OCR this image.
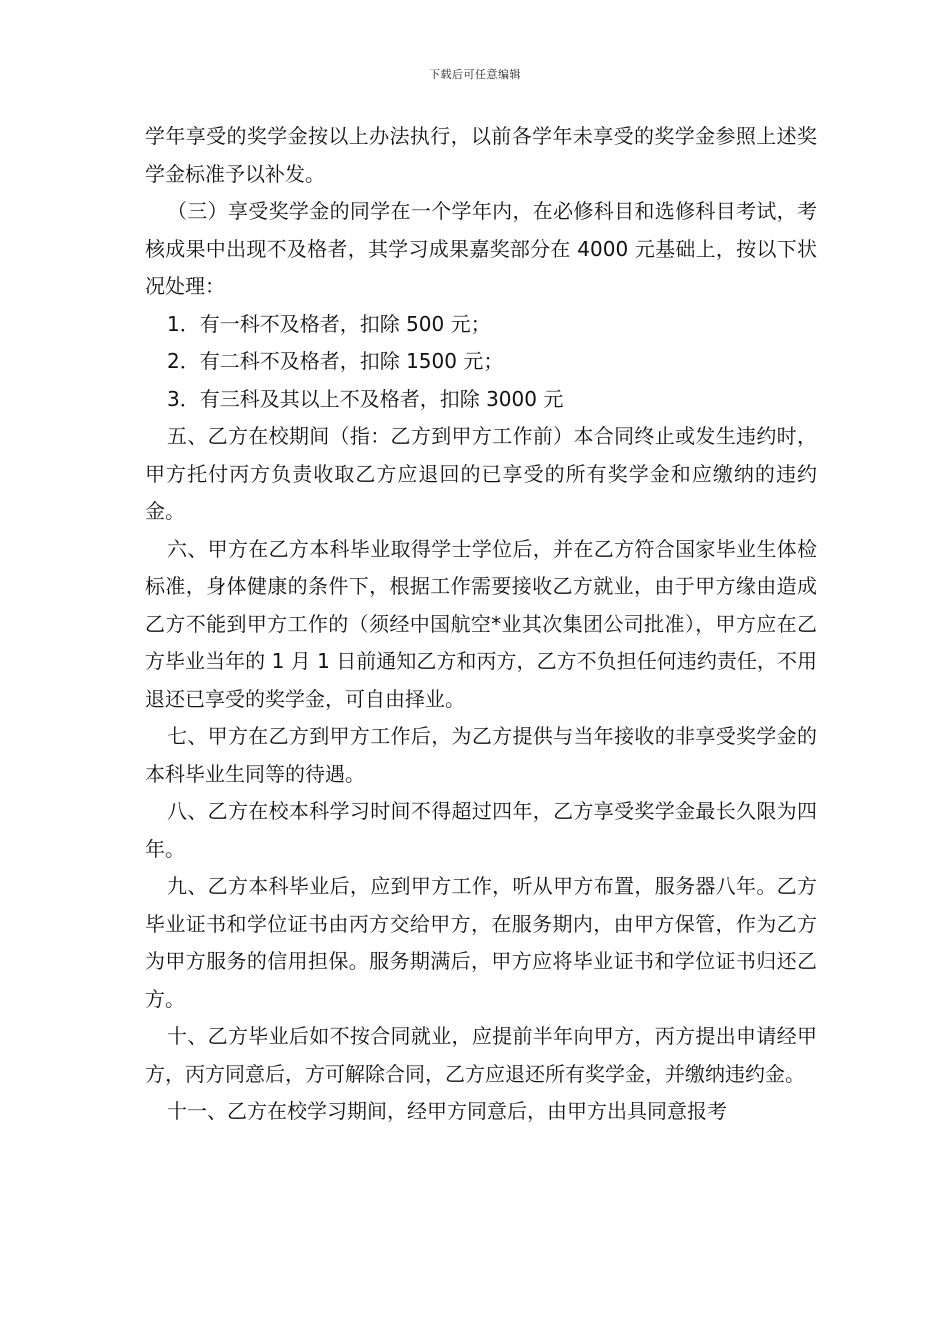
下载后可任意编辑

学年享受的奖学金按以上办法执行，以前各学年未享受的奖学金参照上述奖学金标准予以补发。

（三）享受奖学金的同学在一个学年内，在必修科目和选修科目考试，考核成果中出现不及格者，其学习成果嘉奖部分在 4000 元基础上，按以下状况处理：

1．有一科不及格者，扣除 500 元；

2．有二科不及格者，扣除 1500 元；

3．有三科及其以上不及格者，扣除 3000 元

五、乙方在校期间（指：乙方到甲方工作前）本合同终止或发生违约时，甲方托付丙方负责收取乙方应退回的已享受的所有奖学金和应缴纳的违约金。

六、甲方在乙方本科毕业取得学士学位后，并在乙方符合国家毕业生体检标准，身体健康的条件下，根据工作需要接收乙方就业，由于甲方缘由造成乙方不能到甲方工作的（须经中国航空*业其次集团公司批准），甲方应在乙方毕业当年的 1 月 1 日前通知乙方和丙方，乙方不负担任何违约责任，不用退还已享受的奖学金，可自由择业。

七、甲方在乙方到甲方工作后，为乙方提供与当年接收的非享受奖学金的本科毕业生同等的待遇。

八、乙方在校本科学习时间不得超过四年，乙方享受奖学金最长久限为四年。

九、乙方本科毕业后，应到甲方工作，听从甲方布置，服务器八年。乙方毕业证书和学位证书由丙方交给甲方，在服务期内，由甲方保管，作为乙方为甲方服务的信用担保。服务期满后，甲方应将毕业证书和学位证书归还乙方。

十、乙方毕业后如不按合同就业，应提前半年向甲方，丙方提出申请经甲方，丙方同意后，方可解除合同，乙方应退还所有奖学金，并缴纳违约金。

十一、乙方在校学习期间，经甲方同意后，由甲方出具同意报考
